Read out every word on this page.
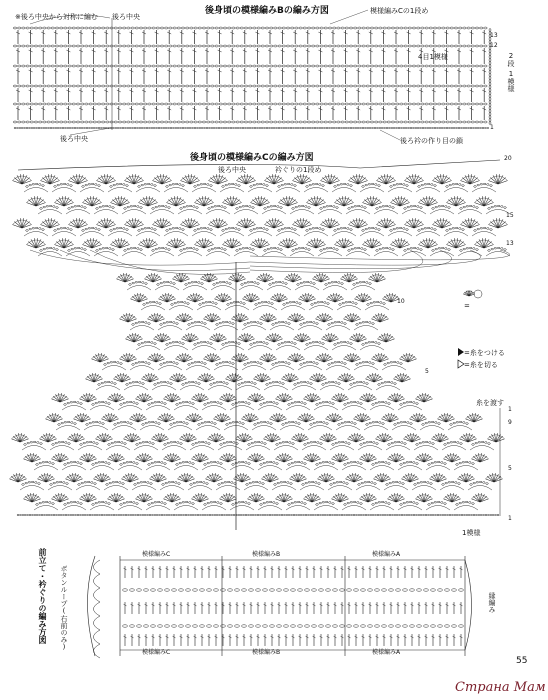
後身頃の模様編みBの編み方図
※後ろ中央から対称に編む 後ろ中央
模様編みCの1段め
4目1模様
13
12
1
2段
1模様
後ろ中央	後ろ衿の作り目の鎖
後身頃の模様編みCの編み方図
後ろ中央	衿ぐりの1段め
20
15
13
10
5
1
9
5
1
糸を渡す
1模様
=
=糸をつける
=糸を切る
前立て・衿ぐりの編み方図 ボタンループ(右前のみ)
模様編みC	模様編みB	模様編みA
模様編みC	模様編みB	模様編みA
縁編み
55
Страна Мам
